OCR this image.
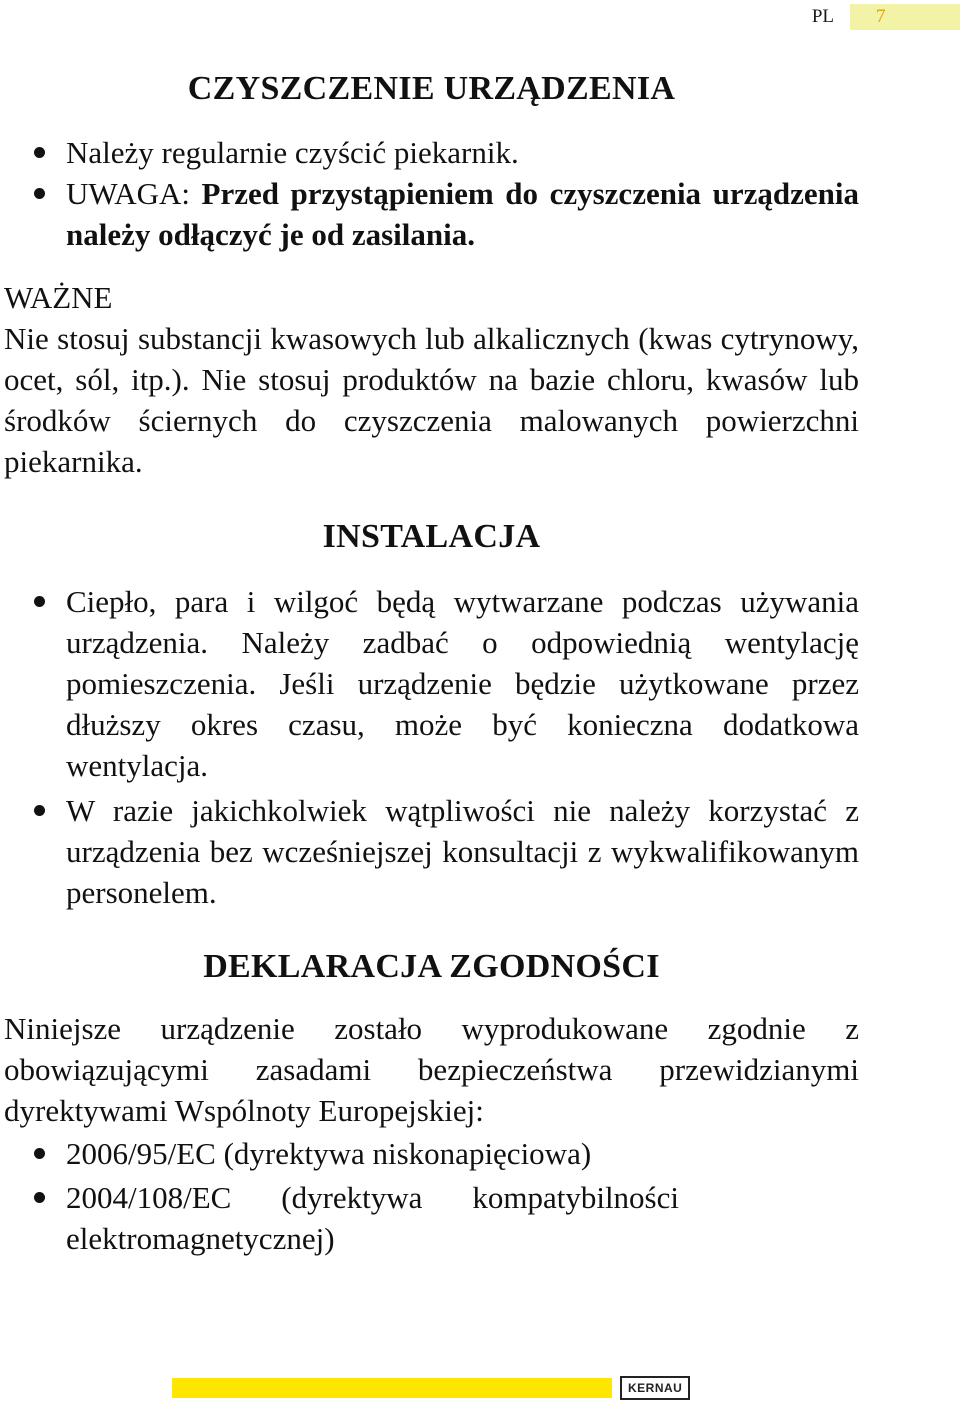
PL	7
CZYSZCZENIE URZĄDZENIA
Należy regularnie czyścić piekarnik.
UWAGA: Przed przystąpieniem do czyszczenia urządzenia należy odłączyć je od zasilania.
WAŻNE
Nie stosuj substancji kwasowych lub alkalicznych (kwas cytrynowy, ocet, sól, itp.). Nie stosuj produktów na bazie chloru, kwasów lub środków ściernych do czyszczenia malowanych powierzchni piekarnika.
INSTALACJA
Ciepło, para i wilgoć będą wytwarzane podczas używania urządzenia. Należy zadbać o odpowiednią wentylację pomieszczenia. Jeśli urządzenie będzie użytkowane przez dłuższy okres czasu, może być konieczna dodatkowa wentylacja.
W razie jakichkolwiek wątpliwości nie należy korzystać z urządzenia bez wcześniejszej konsultacji z wykwalifikowanym personelem.
DEKLARACJA ZGODNOŚCI
Niniejsze urządzenie zostało wyprodukowane zgodnie z obowiązującymi zasadami bezpieczeństwa przewidzianymi dyrektywami Wspólnoty Europejskiej:
2006/95/EC (dyrektywa niskonapięciowa)
2004/108/EC (dyrektywa kompatybilności elektromagnetycznej)
KERNAU
